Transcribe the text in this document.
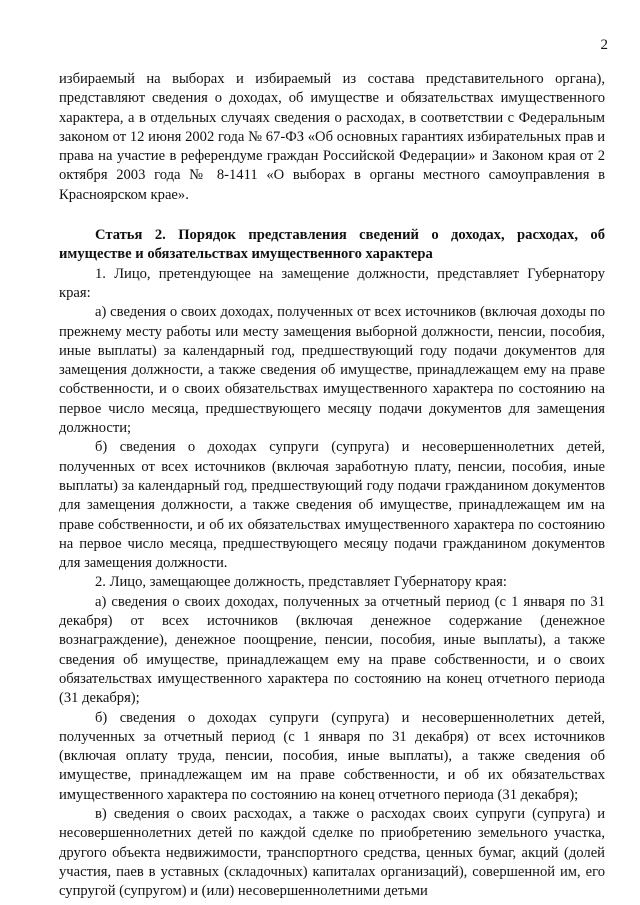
2

избираемый на выборах и избираемый из состава представительного органа), представляют сведения о доходах, об имуществе и обязательствах имущественного характера, а в отдельных случаях сведения о расходах, в соответствии с Федеральным законом от 12 июня 2002 года № 67-ФЗ «Об основных гарантиях избирательных прав и права на участие в референдуме граждан Российской Федерации» и Законом края от 2 октября 2003 года № 8-1411 «О выборах в органы местного самоуправления в Красноярском крае».

Статья 2. Порядок представления сведений о доходах, расходах, об имуществе и обязательствах имущественного характера

1. Лицо, претендующее на замещение должности, представляет Губернатору края:

а) сведения о своих доходах, полученных от всех источников (включая доходы по прежнему месту работы или месту замещения выборной должности, пенсии, пособия, иные выплаты) за календарный год, предшествующий году подачи документов для замещения должности, а также сведения об имуществе, принадлежащем ему на праве собственности, и о своих обязательствах имущественного характера по состоянию на первое число месяца, предшествующего месяцу подачи документов для замещения должности;

б) сведения о доходах супруги (супруга) и несовершеннолетних детей, полученных от всех источников (включая заработную плату, пенсии, пособия, иные выплаты) за календарный год, предшествующий году подачи гражданином документов для замещения должности, а также сведения об имуществе, принадлежащем им на праве собственности, и об их обязательствах имущественного характера по состоянию на первое число месяца, предшествующего месяцу подачи гражданином документов для замещения должности.

2. Лицо, замещающее должность, представляет Губернатору края:

а) сведения о своих доходах, полученных за отчетный период (с 1 января по 31 декабря) от всех источников (включая денежное содержание (денежное вознаграждение), денежное поощрение, пенсии, пособия, иные выплаты), а также сведения об имуществе, принадлежащем ему на праве собственности, и о своих обязательствах имущественного характера по состоянию на конец отчетного периода (31 декабря);

б) сведения о доходах супруги (супруга) и несовершеннолетних детей, полученных за отчетный период (с 1 января по 31 декабря) от всех источников (включая оплату труда, пенсии, пособия, иные выплаты), а также сведения об имуществе, принадлежащем им на праве собственности, и об их обязательствах имущественного характера по состоянию на конец отчетного периода (31 декабря);

в) сведения о своих расходах, а также о расходах своих супруги (супруга) и несовершеннолетних детей по каждой сделке по приобретению земельного участка, другого объекта недвижимости, транспортного средства, ценных бумаг, акций (долей участия, паев в уставных (складочных) капиталах организаций), совершенной им, его супругой (супругом) и (или) несовершеннолетними детьми
